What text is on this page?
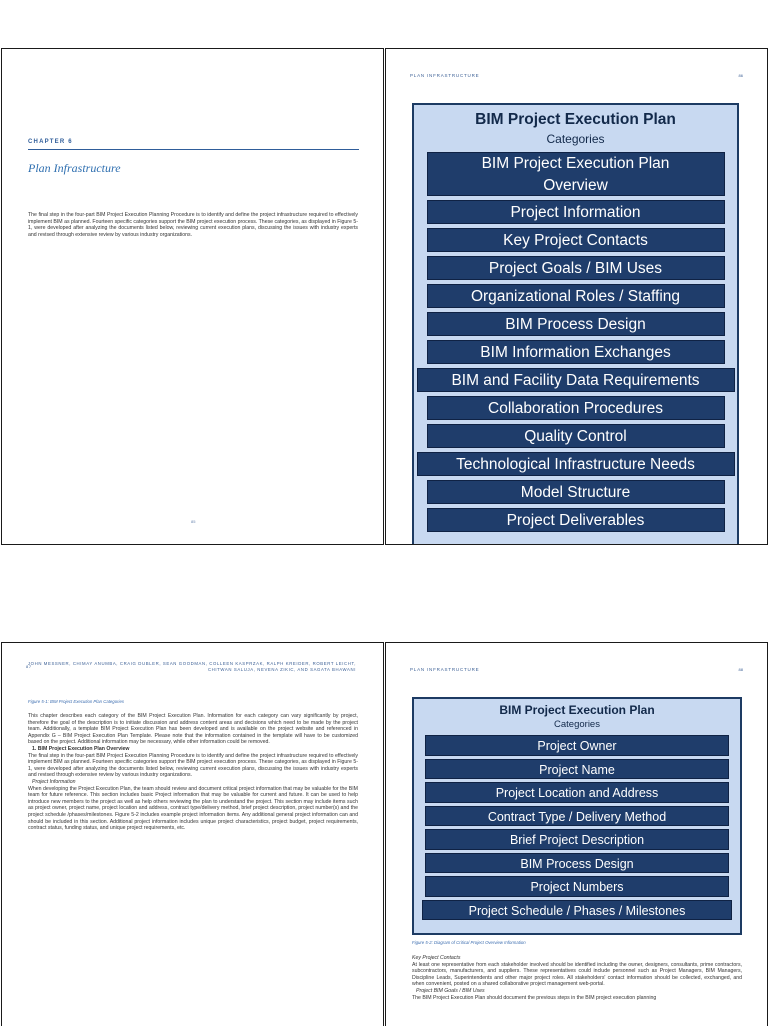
CHAPTER 6
Plan Infrastructure

The final step in the four-part BIM Project Execution Planning Procedure is to identify and define the project infrastructure required to effectively implement BIM as planned. Fourteen specific categories support the BIM project execution process. These categories, as displayed in Figure 5-1, were developed after analyzing the documents listed below, reviewing current execution plans, discussing the issues with industry experts and revised through extensive review by various industry organizations.

85
PLAN INFRASTRUCTURE	86
BIM Project Execution Plan
Categories
BIM Project Execution Plan Overview
Project Information
Key Project Contacts
Project Goals / BIM Uses
Organizational Roles / Staffing
BIM Process Design
BIM Information Exchanges
BIM and Facility Data Requirements
Collaboration Procedures
Quality Control
Technological Infrastructure Needs
Model Structure
Project Deliverables
87
JOHN MESSNER, CHIMAY ANUMBA, CRAIG DUBLER, SEAN GOODMAN, COLLEEN KASPRZAK, RALPH KREIDER, ROBERT LEICHT, CHITWAN SALUJA, NEVENA ZIKIC, AND SAGATA BHAWANI
Figure 5-1: BIM Project Execution Plan Categories

This chapter describes each category of the BIM Project Execution Plan. Information for each category can vary significantly by project, therefore the goal of the description is to initiate discussion and address content areas and decisions which need to be made by the project team. Additionally, a template BIM Project Execution Plan has been developed and is available on the project website and referenced in Appendix G – BIM Project Execution Plan Template. Please note that the information contained in the template will have to be customized based on the project. Additional information may be necessary, while other information could be removed.

1. BIM Project Execution Plan Overview

The final step in the four-part BIM Project Execution Planning Procedure is to identify and define the project infrastructure required to effectively implement BIM as planned. Fourteen specific categories support the BIM project execution process. These categories, as displayed in Figure 5-1, were developed after analyzing the documents listed below, reviewing current execution plans, discussing the issues with industry experts and revised through extensive review by various industry organizations.

Project Information

When developing the Project Execution Plan, the team should review and document critical project information that may be valuable for the BIM team for future reference. This section includes basic Project information that may be valuable for current and future. It can be used to help introduce new members to the project as well as help others reviewing the plan to understand the project. This section may include items such as project owner, project name, project location and address, contract type/delivery method, brief project description, project number(s) and the project schedule /phases/milestones. Figure 5-2 includes example project information items. Any additional general project information can and should be included in this section. Additional project information includes unique project characteristics, project budget, project requirements, contract status, funding status, and unique project requirements, etc.

PLAN INFRASTRUCTURE	88
BIM Project Execution Plan
Categories
Project Owner
Project Name
Project Location and Address
Contract Type / Delivery Method
Brief Project Description
BIM Process Design
Project Numbers
Project Schedule / Phases / Milestones
Figure 5-2: Diagram of Critical Project Overview Information
Key Project Contacts

At least one representative from each stakeholder involved should be identified including the owner, designers, consultants, prime contractors, subcontractors, manufacturers, and suppliers. These representatives could include personnel such as Project Managers, BIM Managers, Discipline Leads, Superintendents and other major project roles. All stakeholders' contact information should be collected, exchanged, and when convenient, posted on a shared collaborative project management web-portal.

Project BIM Goals / BIM Uses

The BIM Project Execution Plan should document the previous steps in the BIM project execution planning
